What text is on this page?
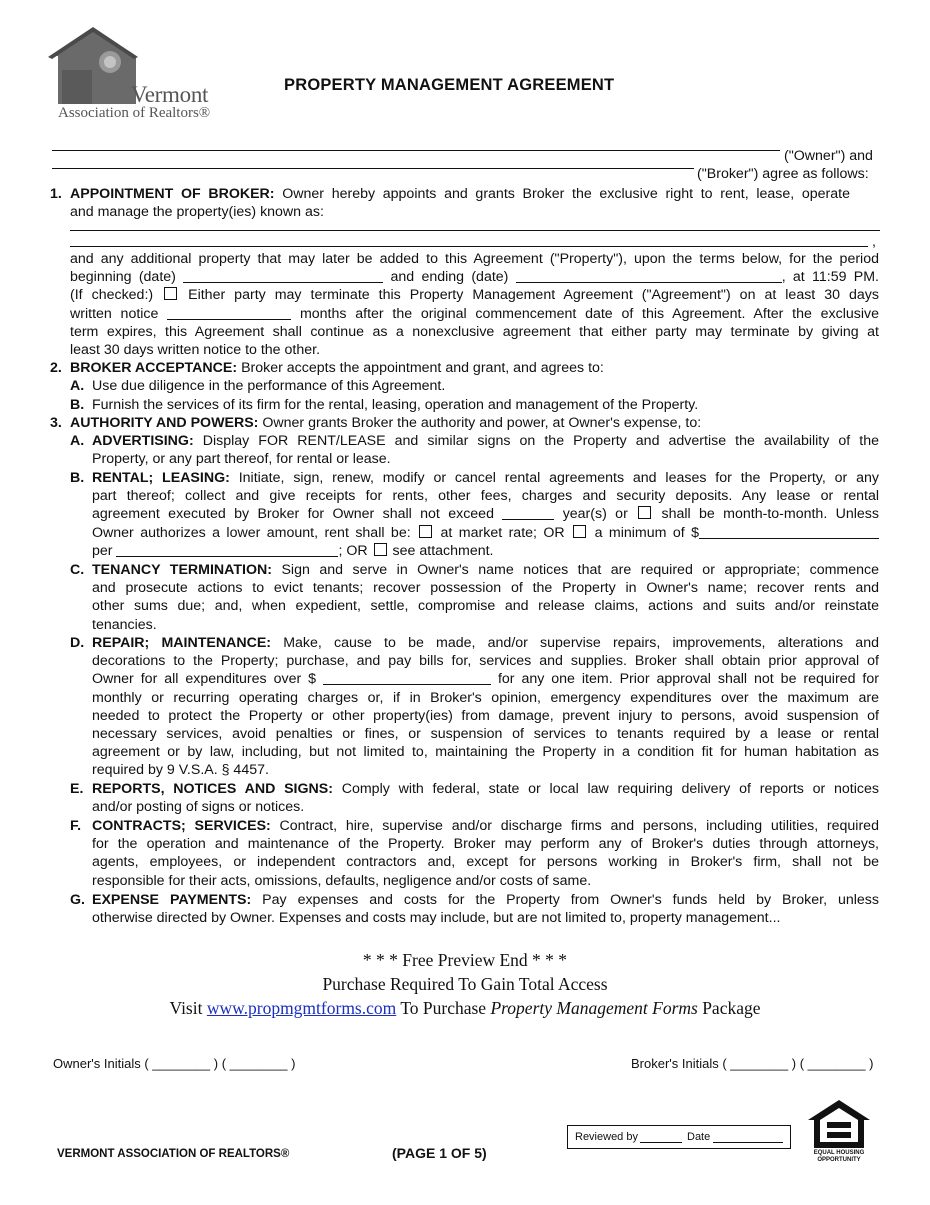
Vermont
Association of Realtors®
PROPERTY MANAGEMENT AGREEMENT
("Owner") and
("Broker") agree as follows:
1. APPOINTMENT OF BROKER: Owner hereby appoints and grants Broker the exclusive right to rent, lease, operate
and manage the property(ies) known as:
,
and any additional property that may later be added to this Agreement ("Property"), upon the terms below, for the period
beginning (date)	and ending (date)	, at 11:59 PM.
(If checked:) Either party may terminate this Property Management Agreement ("Agreement") on at least 30 days
written notice	months after the original commencement date of this Agreement. After the exclusive
term expires, this Agreement shall continue as a nonexclusive agreement that either party may terminate by giving at
least 30 days written notice to the other.
2. BROKER ACCEPTANCE: Broker accepts the appointment and grant, and agrees to:
A. Use due diligence in the performance of this Agreement.
B. Furnish the services of its firm for the rental, leasing, operation and management of the Property.
3. AUTHORITY AND POWERS: Owner grants Broker the authority and power, at Owner's expense, to:
A. ADVERTISING: Display FOR RENT/LEASE and similar signs on the Property and advertise the availability of the
Property, or any part thereof, for rental or lease.
B. RENTAL; LEASING: Initiate, sign, renew, modify or cancel rental agreements and leases for the Property, or any
part thereof; collect and give receipts for rents, other fees, charges and security deposits. Any lease or rental
agreement executed by Broker for Owner shall not exceed	year(s) or shall be month-to-month. Unless
Owner authorizes a lower amount, rent shall be: at market rate; OR a minimum of $
per	; OR see attachment.
C. TENANCY TERMINATION: Sign and serve in Owner's name notices that are required or appropriate; commence
and prosecute actions to evict tenants; recover possession of the Property in Owner's name; recover rents and
other sums due; and, when expedient, settle, compromise and release claims, actions and suits and/or reinstate
tenancies.
D. REPAIR; MAINTENANCE: Make, cause to be made, and/or supervise repairs, improvements, alterations and
decorations to the Property; purchase, and pay bills for, services and supplies. Broker shall obtain prior approval of
Owner for all expenditures over $	for any one item. Prior approval shall not be required for
monthly or recurring operating charges or, if in Broker's opinion, emergency expenditures over the maximum are
needed to protect the Property or other property(ies) from damage, prevent injury to persons, avoid suspension of
necessary services, avoid penalties or fines, or suspension of services to tenants required by a lease or rental
agreement or by law, including, but not limited to, maintaining the Property in a condition fit for human habitation as
required by 9 V.S.A. § 4457.
E. REPORTS, NOTICES AND SIGNS: Comply with federal, state or local law requiring delivery of reports or notices
and/or posting of signs or notices.
F. CONTRACTS; SERVICES: Contract, hire, supervise and/or discharge firms and persons, including utilities, required
for the operation and maintenance of the Property. Broker may perform any of Broker's duties through attorneys,
agents, employees, or independent contractors and, except for persons working in Broker's firm, shall not be
responsible for their acts, omissions, defaults, negligence and/or costs of same.
G. EXPENSE PAYMENTS: Pay expenses and costs for the Property from Owner's funds held by Broker, unless
otherwise directed by Owner. Expenses and costs may include, but are not limited to, property management...
* * * Free Preview End * * *
Purchase Required To Gain Total Access
Visit www.propmgmtforms.com To Purchase Property Management Forms Package
Owner's Initials ( ________ ) ( ________ )	Broker's Initials ( ________ ) ( ________ )
Reviewed by	Date
VERMONT ASSOCIATION OF REALTORS®	(PAGE 1 OF 5)	EQUAL HOUSING
OPPORTUNITY
